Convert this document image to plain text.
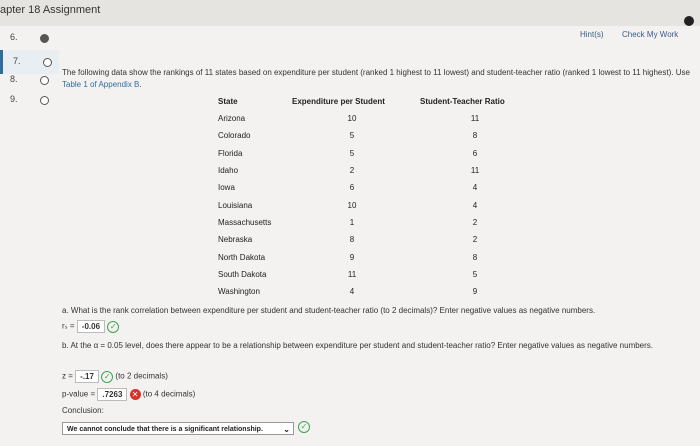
apter 18 Assignment
6.
7.
8.
9.
Hint(s) Check My Work
The following data show the rankings of 11 states based on expenditure per student (ranked 1 highest to 11 lowest) and student-teacher ratio (ranked 1 lowest to 11 highest). Use Table 1 of Appendix B.
State	Expenditure per Student	Student-Teacher Ratio
Arizona	10	11
Colorado	5	8
Florida	5	6
Idaho	2	11
Iowa	6	4
Louisiana	10	4
Massachusetts	1	2
Nebraska	8	2
North Dakota	9	8
South Dakota	11	5
Washington	4	9
a. What is the rank correlation between expenditure per student and student-teacher ratio (to 2 decimals)? Enter negative values as negative numbers.
rₛ = -0.06 ✓
b. At the α = 0.05 level, does there appear to be a relationship between expenditure per student and student-teacher ratio? Enter negative values as negative numbers.
z = -.17 ✓ (to 2 decimals)
p-value = .7263 ✕ (to 4 decimals)
Conclusion:
We cannot conclude that there is a significant relationship.	⌄	✓
